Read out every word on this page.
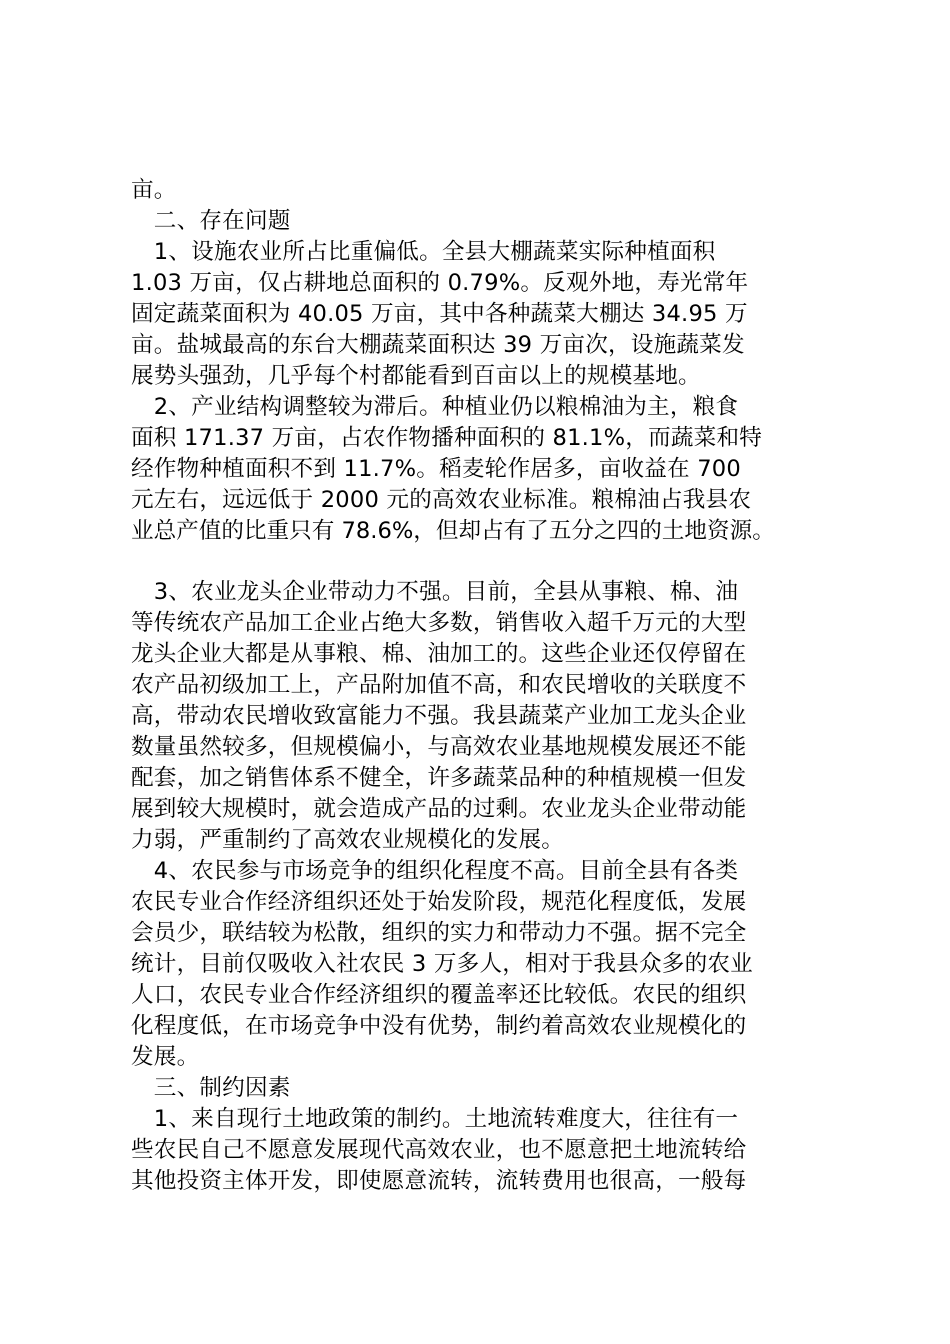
亩。
　二、存在问题
　1、设施农业所占比重偏低。全县大棚蔬菜实际种植面积
1.03 万亩，仅占耕地总面积的 0.79%。反观外地，寿光常年
固定蔬菜面积为 40.05 万亩，其中各种蔬菜大棚达 34.95 万
亩。盐城最高的东台大棚蔬菜面积达 39 万亩次，设施蔬菜发
展势头强劲，几乎每个村都能看到百亩以上的规模基地。
　2、产业结构调整较为滞后。种植业仍以粮棉油为主，粮食
面积 171.37 万亩，占农作物播种面积的 81.1%，而蔬菜和特
经作物种植面积不到 11.7%。稻麦轮作居多，亩收益在 700
元左右，远远低于 2000 元的高效农业标准。粮棉油占我县农
业总产值的比重只有 78.6%，但却占有了五分之四的土地资源。
　3、农业龙头企业带动力不强。目前，全县从事粮、棉、油
等传统农产品加工企业占绝大多数，销售收入超千万元的大型
龙头企业大都是从事粮、棉、油加工的。这些企业还仅停留在
农产品初级加工上，产品附加值不高，和农民增收的关联度不
高，带动农民增收致富能力不强。我县蔬菜产业加工龙头企业
数量虽然较多，但规模偏小，与高效农业基地规模发展还不能
配套，加之销售体系不健全，许多蔬菜品种的种植规模一但发
展到较大规模时，就会造成产品的过剩。农业龙头企业带动能
力弱，严重制约了高效农业规模化的发展。
　4、农民参与市场竞争的组织化程度不高。目前全县有各类
农民专业合作经济组织还处于始发阶段，规范化程度低，发展
会员少，联结较为松散，组织的实力和带动力不强。据不完全
统计，目前仅吸收入社农民 3 万多人，相对于我县众多的农业
人口，农民专业合作经济组织的覆盖率还比较低。农民的组织
化程度低，在市场竞争中没有优势，制约着高效农业规模化的
发展。
　三、制约因素
　1、来自现行土地政策的制约。土地流转难度大，往往有一
些农民自己不愿意发展现代高效农业，也不愿意把土地流转给
其他投资主体开发，即使愿意流转，流转费用也很高，一般每
